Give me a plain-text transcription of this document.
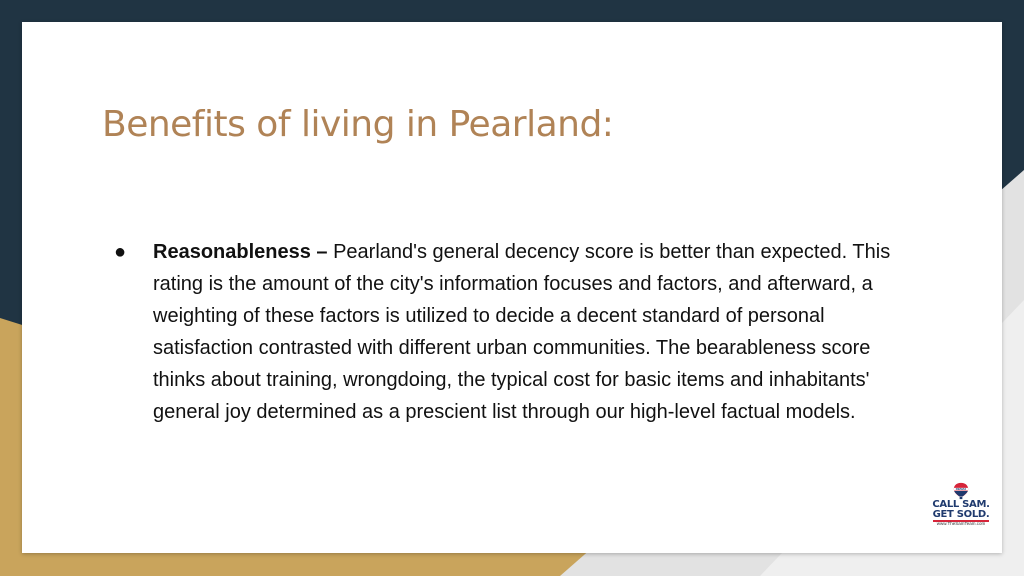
Benefits of living in Pearland:
● Reasonableness – Pearland's general decency score is better than expected. This rating is the amount of the city's information focuses and factors, and afterward, a weighting of these factors is utilized to decide a decent standard of personal satisfaction contrasted with different urban communities. The bearableness score thinks about training, wrongdoing, the typical cost for basic items and inhabitants' general joy determined as a prescient list through our high-level factual models.
RE/MAX
CALL SAM.
GET SOLD.
www.TheSamTeam.com
